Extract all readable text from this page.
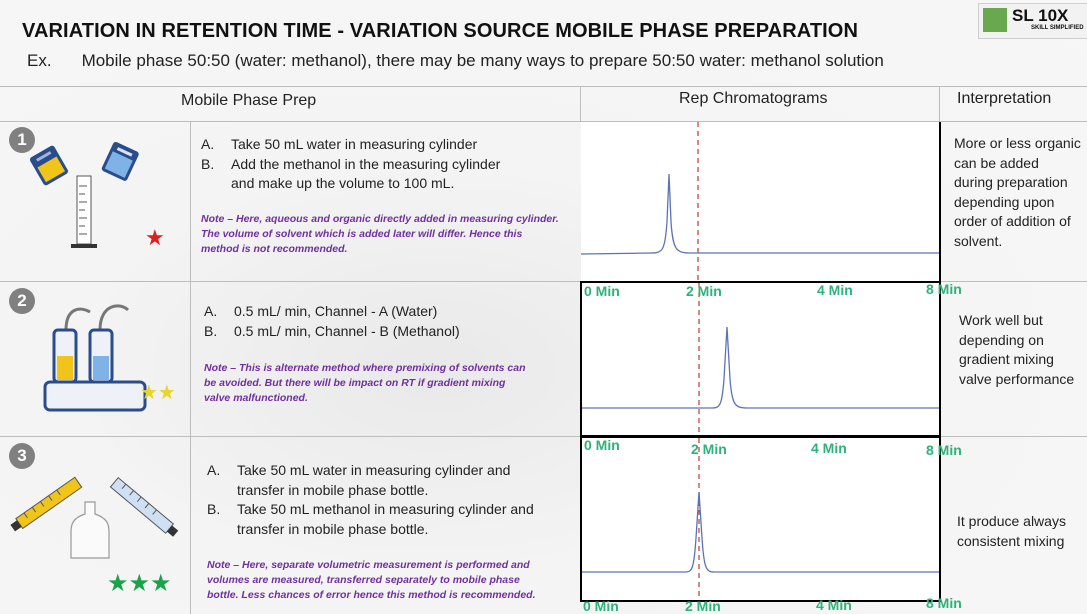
VARIATION IN RETENTION TIME - VARIATION SOURCE MOBILE PHASE PREPARATION
Ex. Mobile phase 50:50 (water: methanol), there may be many ways to prepare 50:50 water: methanol solution
SL 10X
SKILL SIMPLIFIED
Mobile Phase Prep	Rep Chromatograms	Interpretation
1
★
A.	Take 50 mL water in measuring cylinder
B.	Add the methanol in the measuring cylinder
and make up the volume to 100 mL.
Note – Here, aqueous and organic directly added in measuring cylinder.
The volume of solvent which is added later will differ. Hence this
method is not recommended.
More or less organic
can be added
during preparation
depending upon
order of addition of
solvent.
2
★★
A.	0.5 mL/ min, Channel - A (Water)
B.	0.5 mL/ min, Channel - B (Methanol)
Note – This is alternate method where premixing of solvents can
be avoided. But there will be impact on RT if gradient mixing
valve malfunctioned.
0 Min	2 Min	4 Min	8 Min
Work well but
depending on
gradient mixing
valve performance
3
★★★
A.	Take 50 mL water in measuring cylinder and
transfer in mobile phase bottle.
B.	Take 50 mL methanol in measuring cylinder and
transfer in mobile phase bottle.
Note – Here, separate volumetric measurement is performed and
volumes are measured, transferred separately to mobile phase
bottle. Less chances of error hence this method is recommended.
0 Min	2 Min	4 Min	8 Min
0 Min	2 Min	4 Min	8 Min
It produce always
consistent mixing
